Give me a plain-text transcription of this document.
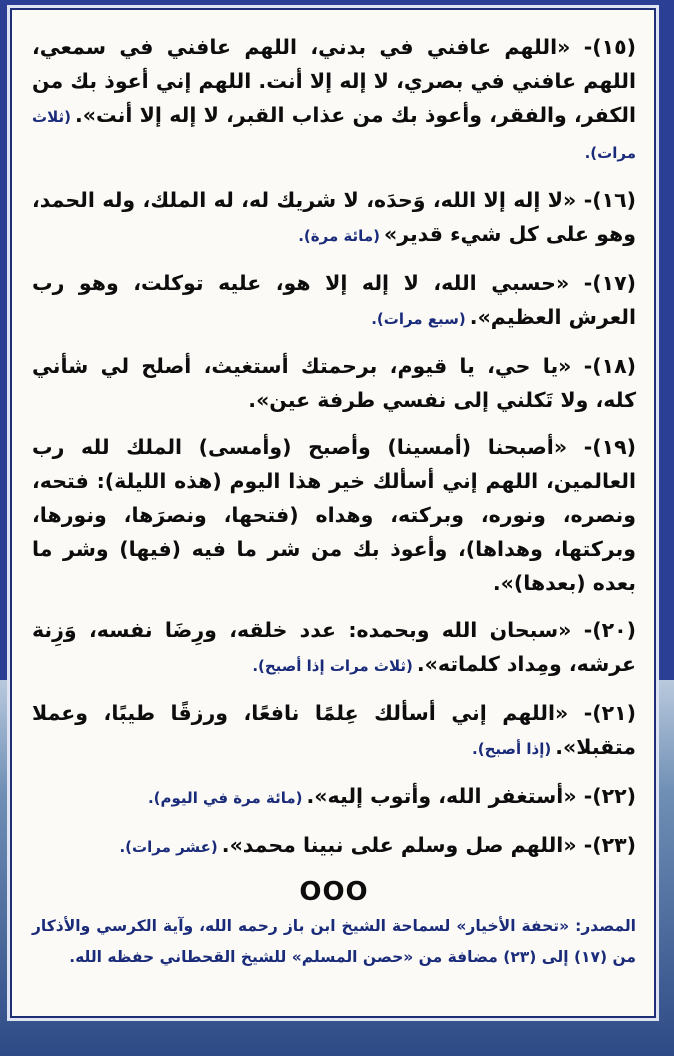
(١٥)- «اللهم عافني في بدني، اللهم عافني في سمعي، اللهم عافني في بصري، لا إله إلا أنت. اللهم إني أعوذ بك من الكفر، والفقر، وأعوذ بك من عذاب القبر، لا إله إلا أنت».(ثلاث مرات).

(١٦)- «لا إله إلا الله، وَحدَه، لا شريك له، له الملك، وله الحمد، وهو على كل شيء قدير»(مائة مرة).

(١٧)- «حسبي الله، لا إله إلا هو، عليه توكلت، وهو رب العرش العظيم».(سبع مرات).

(١٨)- «يا حي، يا قيوم، برحمتك أستغيث، أصلح لي شأني كله، ولا تَكلني إلى نفسي طرفة عين».

(١٩)- «أصبحنا (أمسينا) وأصبح (وأمسى) الملك لله رب العالمين، اللهم إني أسألك خير هذا اليوم (هذه الليلة): فتحه، ونصره، ونوره، وبركته، وهداه (فتحها، ونصرَها، ونورها، وبركتها، وهداها)، وأعوذ بك من شر ما فيه (فيها) وشر ما بعده (بعدها)».

(٢٠)- «سبحان الله وبحمده: عدد خلقه، ورِضَا نفسه، وَزِنة عرشه، ومِداد كلماته».(ثلاث مرات إذا أصبح).

(٢١)- «اللهم إني أسألك عِلمًا نافعًا، ورزقًا طيبًا، وعملا متقبلا».(إذا أصبح).

(٢٢)- «أستغفر الله، وأتوب إليه».(مائة مرة في اليوم).

(٢٣)- «اللهم صل وسلم على نبينا محمد».(عشر مرات).

OOO
المصدر: «تحفة الأخيار» لسماحة الشيخ ابن باز رحمه الله، وآية الكرسي والأذكار من (١٧) إلى (٢٣) مضافة من «حصن المسلم» للشيخ القحطاني حفظه الله.
